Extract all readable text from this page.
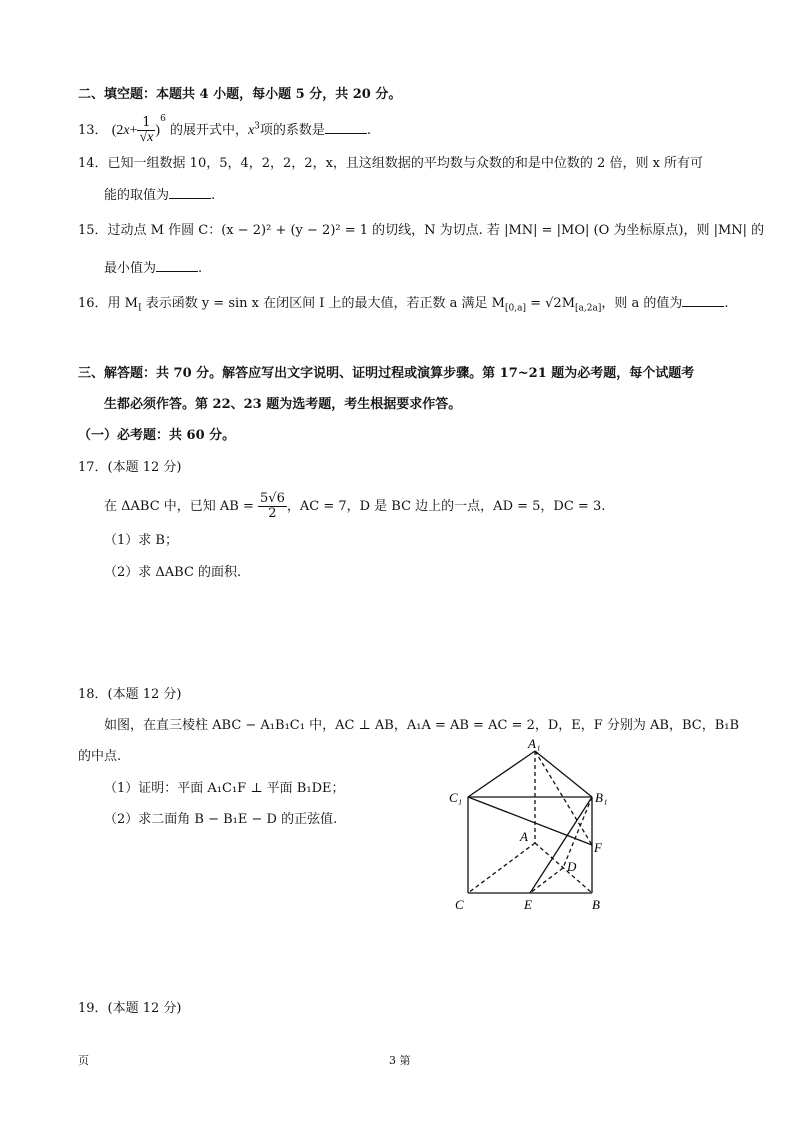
二、填空题：本题共 4 小题，每小题 5 分，共 20 分。
13． $(2x+ \frac{1}{√x} )^6$ 的展开式中，$x^3$项的系数是	.
14．已知一组数据 10，5，4，2，2，2，x，且这组数据的平均数与众数的和是中位数的 2 倍，则 x 所有可
能的取值为	.
15．过动点 M 作圆 C：(x − 2)² + (y − 2)² = 1 的切线，N 为切点. 若 |MN| = |MO| (O 为坐标原点)，则 |MN| 的
最小值为	.
16．用 $M_I$ 表示函数 y = sin x 在闭区间 I 上的最大值，若正数 a 满足 $M_{[0,a]} = √2M_{[a,2a]}$，则 a 的值为	.
三、解答题：共 70 分。解答应写出文字说明、证明过程或演算步骤。第 17~21 题为必考题，每个试题考
生都必须作答。第 22、23 题为选考题，考生根据要求作答。
（一）必考题：共 60 分。
17．(本题 12 分)
在 ΔABC 中，已知 AB = $\frac{5√6}{2}$ ，AC = 7，D 是 BC 边上的一点，AD = 5，DC = 3.
（1）求 B；
（2）求 ΔABC 的面积.
18．(本题 12 分)
如图，在直三棱柱 ABC − A₁B₁C₁ 中，AC ⊥ AB，A₁A = AB = AC = 2，D，E，F 分别为 AB，BC，B₁B
的中点.
（1）证明：平面 A₁C₁F ⊥ 平面 B₁DE；
（2）求二面角 B − B₁E − D 的正弦值.
A₁
C₁	B₁
A
F
D
C	E	B
19．(本题 12 分)
页	3 第
